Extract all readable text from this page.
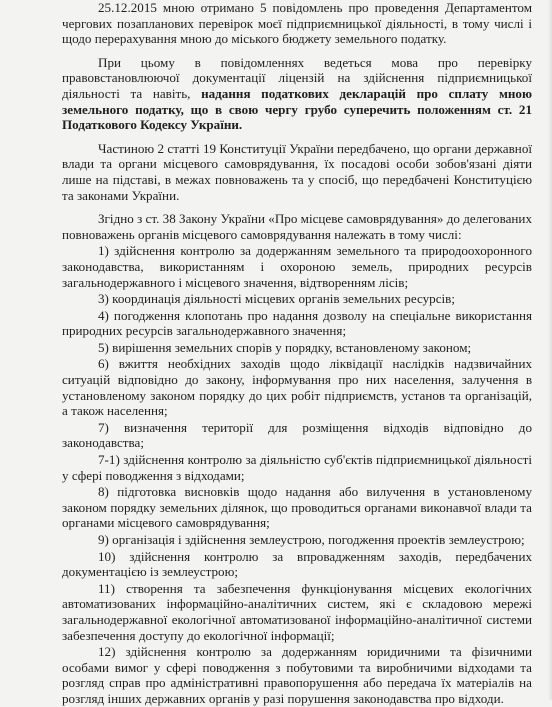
25.12.2015 мною отримано 5 повідомлень про проведення Департаментом чергових позапланових перевірок моєї підприємницької діяльності, в тому числі і щодо перерахування мною до міського бюджету земельного податку.

При цьому в повідомленнях ведеться мова про перевірку правовстановлюючої документації ліцензій на здійснення підприємницької діяльності та навіть, надання податкових декларацій про сплату мною земельного податку, що в свою чергу грубо суперечить положенням ст. 21 Податкового Кодексу України.

Частиною 2 статті 19 Конституції України передбачено, що органи державної влади та органи місцевого самоврядування, їх посадові особи зобов'язані діяти лише на підставі, в межах повноважень та у спосіб, що передбачені Конституцією та законами України.

Згідно з ст. 38 Закону України «Про місцеве самоврядування» до делегованих повноважень органів місцевого самоврядування належать в тому числі:

1) здійснення контролю за додержанням земельного та природоохоронного законодавства, використанням і охороною земель, природних ресурсів загальнодержавного і місцевого значення, відтворенням лісів;

3) координація діяльності місцевих органів земельних ресурсів;

4) погодження клопотань про надання дозволу на спеціальне використання природних ресурсів загальнодержавного значення;

5) вирішення земельних спорів у порядку, встановленому законом;

6) вжиття необхідних заходів щодо ліквідації наслідків надзвичайних ситуацій відповідно до закону, інформування про них населення, залучення в установленому законом порядку до цих робіт підприємств, установ та організацій, а також населення;

7) визначення території для розміщення відходів відповідно до законодавства;

7-1) здійснення контролю за діяльністю суб'єктів підприємницької діяльності у сфері поводження з відходами;

8) підготовка висновків щодо надання або вилучення в установленому законом порядку земельних ділянок, що проводиться органами виконавчої влади та органами місцевого самоврядування;

9) організація і здійснення землеустрою, погодження проектів землеустрою;

10) здійснення контролю за впровадженням заходів, передбачених документацією із землеустрою;

11) створення та забезпечення функціонування місцевих екологічних автоматизованих інформаційно-аналітичних систем, які є складовою мережі загальнодержавної екологічної автоматизованої інформаційно-аналітичної системи забезпечення доступу до екологічної інформації;

12) здійснення контролю за додержанням юридичними та фізичними особами вимог у сфері поводження з побутовими та виробничими відходами та розгляд справ про адміністративні правопорушення або передача їх матеріалів на розгляд інших державних органів у разі порушення законодавства про відходи.
